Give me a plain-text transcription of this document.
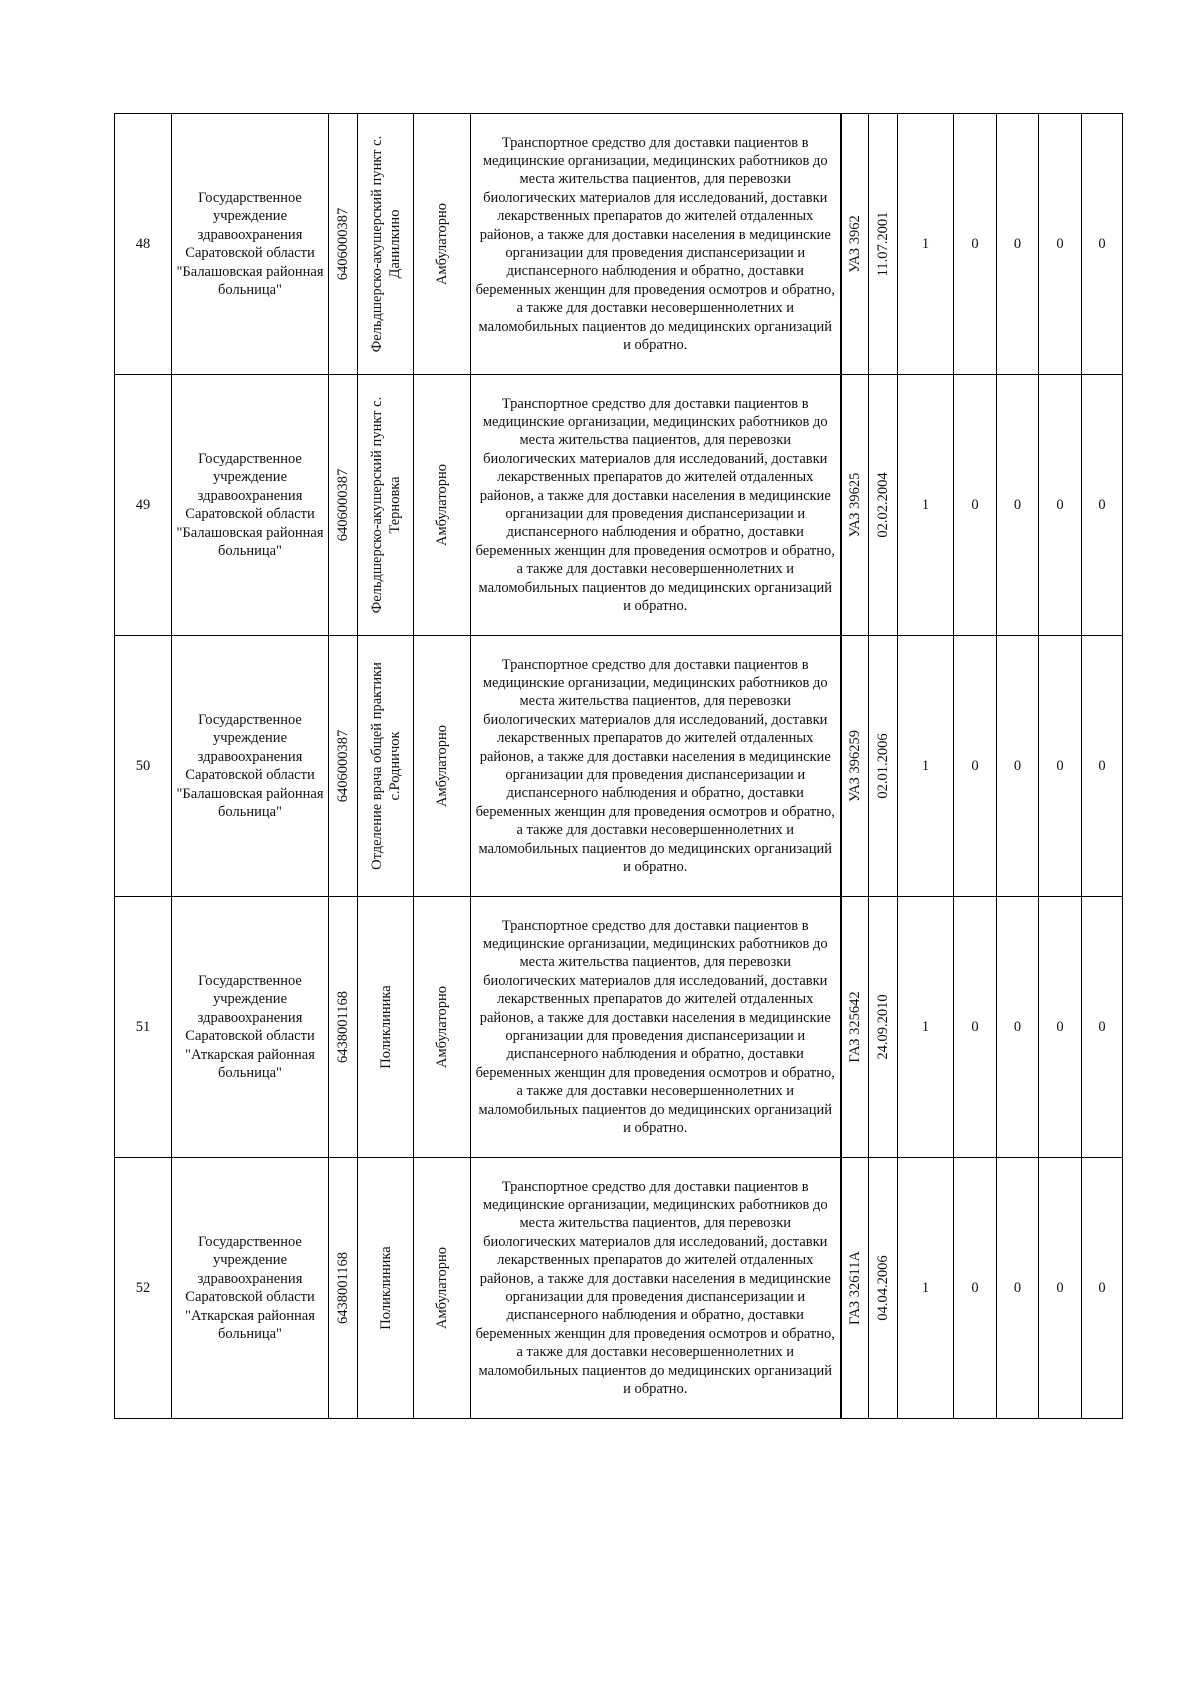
48	Государственное учреждение здравоохранения Саратовской области "Балашовская районная больница"	6406000387	Фельдшерско-акушерский пункт с. Данилкино	Амбулаторно	Транспортное средство для доставки пациентов в медицинские организации, медицинских работников до места жительства пациентов, для перевозки биологических материалов для исследований, доставки лекарственных препаратов до жителей отдаленных районов, а также для доставки населения в медицинские организации для проведения диспансеризации и диспансерного наблюдения и обратно, доставки беременных женщин для проведения осмотров и обратно, а также для доставки несовершеннолетних и маломобильных пациентов до медицинских организаций и обратно.	УАЗ 3962	11.07.2001	1	0	0	0	0
49	Государственное учреждение здравоохранения Саратовской области "Балашовская районная больница"	6406000387	Фельдшерско-акушерский пункт с. Терновка	Амбулаторно	Транспортное средство для доставки пациентов в медицинские организации, медицинских работников до места жительства пациентов, для перевозки биологических материалов для исследований, доставки лекарственных препаратов до жителей отдаленных районов, а также для доставки населения в медицинские организации для проведения диспансеризации и диспансерного наблюдения и обратно, доставки беременных женщин для проведения осмотров и обратно, а также для доставки несовершеннолетних и маломобильных пациентов до медицинских организаций и обратно.	УАЗ 39625	02.02.2004	1	0	0	0	0
50	Государственное учреждение здравоохранения Саратовской области "Балашовская районная больница"	6406000387	Отделение врача общей практики с.Родничок	Амбулаторно	Транспортное средство для доставки пациентов в медицинские организации, медицинских работников до места жительства пациентов, для перевозки биологических материалов для исследований, доставки лекарственных препаратов до жителей отдаленных районов, а также для доставки населения в медицинские организации для проведения диспансеризации и диспансерного наблюдения и обратно, доставки беременных женщин для проведения осмотров и обратно, а также для доставки несовершеннолетних и маломобильных пациентов до медицинских организаций и обратно.	УАЗ 396259	02.01.2006	1	0	0	0	0
51	Государственное учреждение здравоохранения Саратовской области "Аткарская районная больница"	6438001168	Поликлиника	Амбулаторно	Транспортное средство для доставки пациентов в медицинские организации, медицинских работников до места жительства пациентов, для перевозки биологических материалов для исследований, доставки лекарственных препаратов до жителей отдаленных районов, а также для доставки населения в медицинские организации для проведения диспансеризации и диспансерного наблюдения и обратно, доставки беременных женщин для проведения осмотров и обратно, а также для доставки несовершеннолетних и маломобильных пациентов до медицинских организаций и обратно.	ГАЗ 325642	24.09.2010	1	0	0	0	0
52	Государственное учреждение здравоохранения Саратовской области "Аткарская районная больница"	6438001168	Поликлиника	Амбулаторно	Транспортное средство для доставки пациентов в медицинские организации, медицинских работников до места жительства пациентов, для перевозки биологических материалов для исследований, доставки лекарственных препаратов до жителей отдаленных районов, а также для доставки населения в медицинские организации для проведения диспансеризации и диспансерного наблюдения и обратно, доставки беременных женщин для проведения осмотров и обратно, а также для доставки несовершеннолетних и маломобильных пациентов до медицинских организаций и обратно.	ГАЗ 32611А	04.04.2006	1	0	0	0	0
